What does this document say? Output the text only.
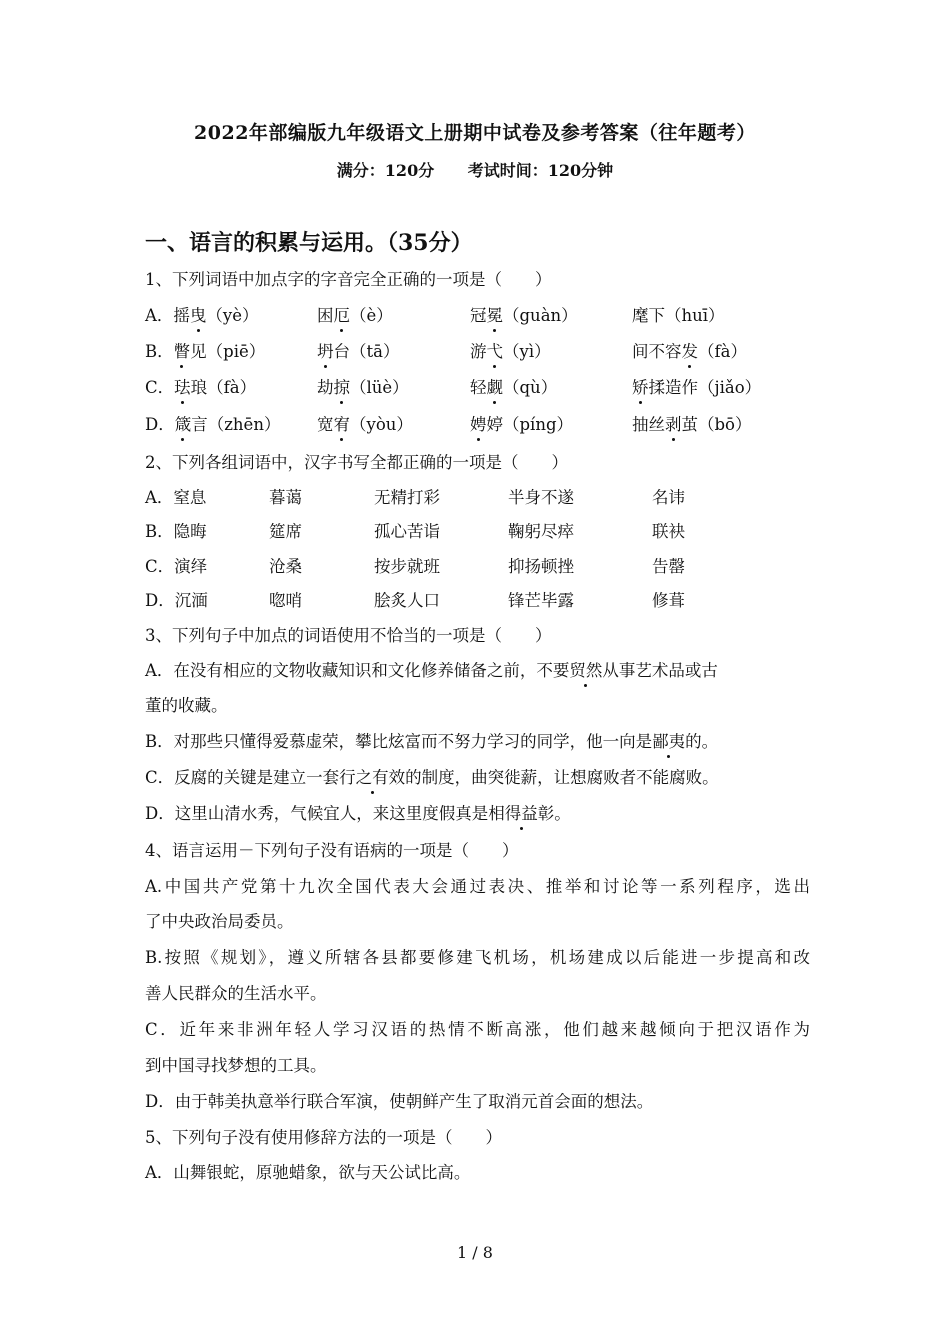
2022年部编版九年级语文上册期中试卷及参考答案（往年题考）
满分：120分 考试时间：120分钟
一、语言的积累与运用。（35分）
1、下列词语中加点字的字音完全正确的一项是（　　）
A．摇曳（yè）	困厄（è）	冠冕（guàn）	麾下（huī）
B．瞥见（piē）	坍台（tā）	游弋（yì）	间不容发（fà）
C．珐琅（fà）	劫掠（lüè）	轻觑（qù）	矫揉造作（jiǎo）
D．箴言（zhēn） 宽宥（yòu）	娉婷（píng）	抽丝剥茧（bō）
2、下列各组词语中，汉字书写全都正确的一项是（　　）
A．窒息	暮蔼	无精打彩	半身不遂	名讳
B．隐晦	筵席	孤心苦诣	鞠躬尽瘁	联袂
C．演绎	沧桑	按步就班	抑扬顿挫	告罄
D．沉湎	唿哨	脍炙人口	锋芒毕露	修葺
3、下列句子中加点的词语使用不恰当的一项是（　　）
A．在没有相应的文物收藏知识和文化修养储备之前，不要贸然从事艺术品或古
董的收藏。
B．对那些只懂得爱慕虚荣，攀比炫富而不努力学习的同学，他一向是鄙夷的。
C．反腐的关键是建立一套行之有效的制度，曲突徙薪，让想腐败者不能腐败。
D．这里山清水秀，气候宜人，来这里度假真是相得益彰。
4、语言运用－下列句子没有语病的一项是（　　）
A.中国共产党第十九次全国代表大会通过表决、推举和讨论等一系列程序，选出
了中央政治局委员。
B.按照《规划》，遵义所辖各县都要修建飞机场，机场建成以后能进一步提高和改
善人民群众的生活水平。
C．近年来非洲年轻人学习汉语的热情不断高涨，他们越来越倾向于把汉语作为
到中国寻找梦想的工具。
D．由于韩美执意举行联合军演，使朝鲜产生了取消元首会面的想法。
5、下列句子没有使用修辞方法的一项是（　　）
A．山舞银蛇，原驰蜡象，欲与天公试比高。
1 / 8
